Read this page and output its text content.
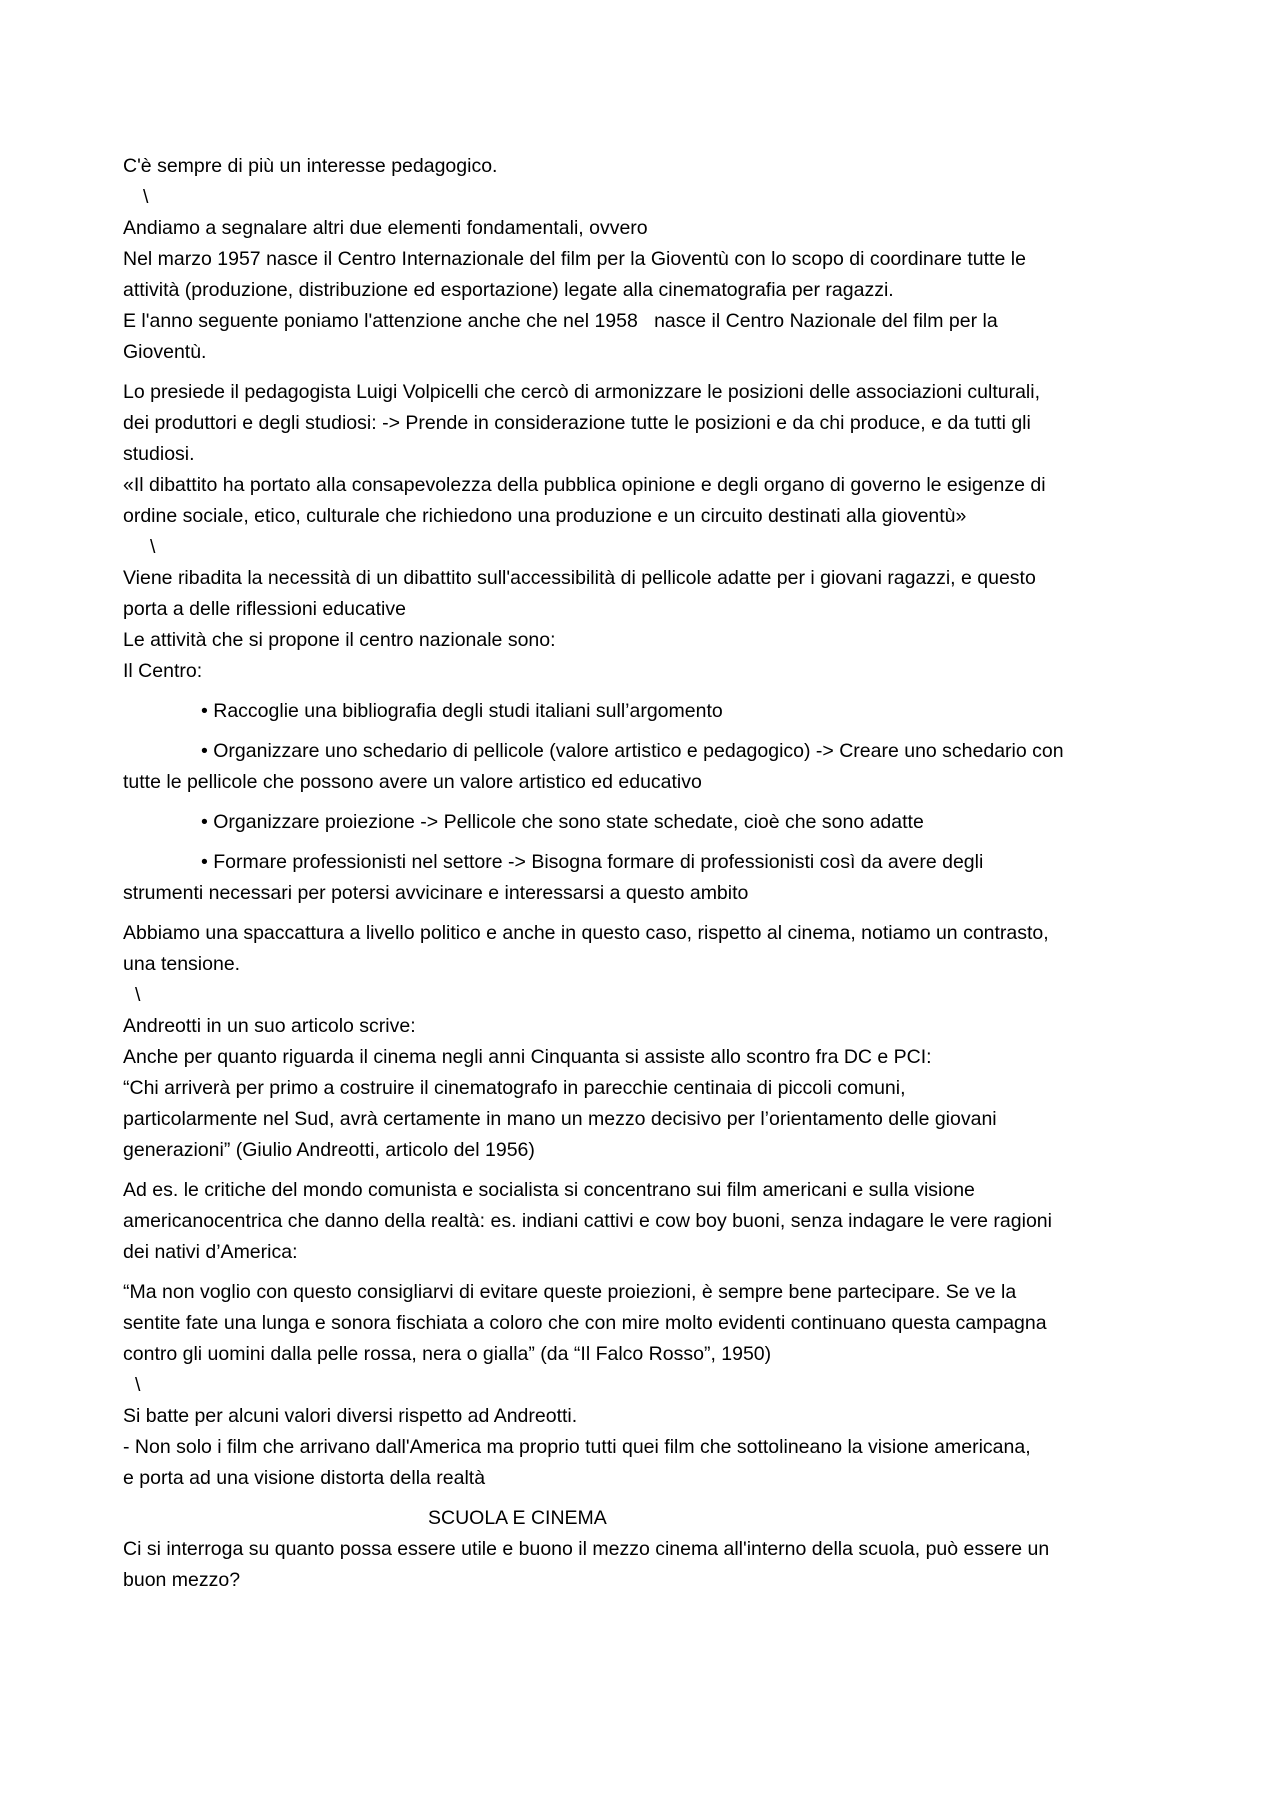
C'è sempre di più un interesse pedagogico.
\
Andiamo a segnalare altri due elementi fondamentali, ovvero
Nel marzo 1957 nasce il Centro Internazionale del film per la Gioventù con lo scopo di coordinare tutte le
attività (produzione, distribuzione ed esportazione) legate alla cinematografia per ragazzi.
E l'anno seguente poniamo l'attenzione anche che nel 1958   nasce il Centro Nazionale del film per la
Gioventù.
Lo presiede il pedagogista Luigi Volpicelli che cercò di armonizzare le posizioni delle associazioni culturali,
dei produttori e degli studiosi: -> Prende in considerazione tutte le posizioni e da chi produce, e da tutti gli
studiosi.
«Il dibattito ha portato alla consapevolezza della pubblica opinione e degli organo di governo le esigenze di
ordine sociale, etico, culturale che richiedono una produzione e un circuito destinati alla gioventù»
\
Viene ribadita la necessità di un dibattito sull'accessibilità di pellicole adatte per i giovani ragazzi, e questo
porta a delle riflessioni educative
Le attività che si propone il centro nazionale sono:
Il Centro:
• Raccoglie una bibliografia degli studi italiani sull’argomento
• Organizzare uno schedario di pellicole (valore artistico e pedagogico) -> Creare uno schedario con
tutte le pellicole che possono avere un valore artistico ed educativo
• Organizzare proiezione -> Pellicole che sono state schedate, cioè che sono adatte
• Formare professionisti nel settore -> Bisogna formare di professionisti così da avere degli
strumenti necessari per potersi avvicinare e interessarsi a questo ambito
Abbiamo una spaccattura a livello politico e anche in questo caso, rispetto al cinema, notiamo un contrasto,
una tensione.
\
Andreotti in un suo articolo scrive:
Anche per quanto riguarda il cinema negli anni Cinquanta si assiste allo scontro fra DC e PCI:
“Chi arriverà per primo a costruire il cinematografo in parecchie centinaia di piccoli comuni,
particolarmente nel Sud, avrà certamente in mano un mezzo decisivo per l’orientamento delle giovani
generazioni” (Giulio Andreotti, articolo del 1956)
Ad es. le critiche del mondo comunista e socialista si concentrano sui film americani e sulla visione
americanocentrica che danno della realtà: es. indiani cattivi e cow boy buoni, senza indagare le vere ragioni
dei nativi d’America:
“Ma non voglio con questo consigliarvi di evitare queste proiezioni, è sempre bene partecipare. Se ve la
sentite fate una lunga e sonora fischiata a coloro che con mire molto evidenti continuano questa campagna
contro gli uomini dalla pelle rossa, nera o gialla” (da “Il Falco Rosso”, 1950)
\
Si batte per alcuni valori diversi rispetto ad Andreotti.
- Non solo i film che arrivano dall'America ma proprio tutti quei film che sottolineano la visione americana,
e porta ad una visione distorta della realtà
SCUOLA E CINEMA
Ci si interroga su quanto possa essere utile e buono il mezzo cinema all'interno della scuola, può essere un
buon mezzo?
